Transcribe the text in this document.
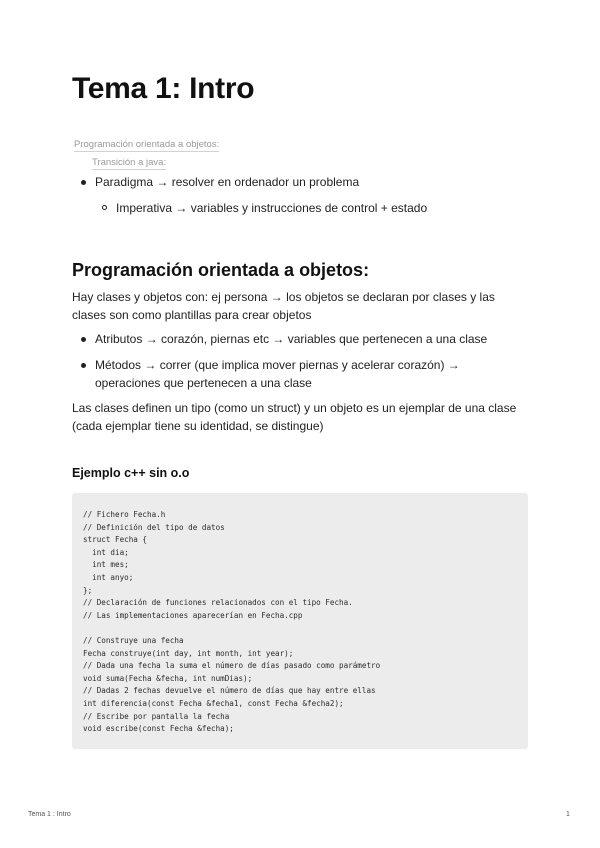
Tema 1: Intro
Programación orientada a objetos:
Transición a java:
Paradigma → resolver en ordenador un problema
Imperativa → variables y instrucciones de control + estado
Programación orientada a objetos:
Hay clases y objetos con: ej persona → los objetos se declaran por clases y las
clases son como plantillas para crear objetos
Atributos → corazón, piernas etc → variables que pertenecen a una clase
Métodos → correr (que implica mover piernas y acelerar corazón) →
operaciones que pertenecen a una clase
Las clases definen un tipo (como un struct) y un objeto es un ejemplar de una clase
(cada ejemplar tiene su identidad, se distingue)
Ejemplo c++ sin o.o
// Fichero Fecha.h
// Definición del tipo de datos
struct Fecha {
int dia;
int mes;
int anyo;
};
// Declaración de funciones relacionados con el tipo Fecha.
// Las implementaciones aparecerían en Fecha.cpp
// Construye una fecha
Fecha construye(int day, int month, int year);
// Dada una fecha la suma el número de días pasado como parámetro
void suma(Fecha &fecha, int numDias);
// Dadas 2 fechas devuelve el número de días que hay entre ellas
int diferencia(const Fecha &fecha1, const Fecha &fecha2);
// Escribe por pantalla la fecha
void escribe(const Fecha &fecha);
Tema 1 : Intro	1
